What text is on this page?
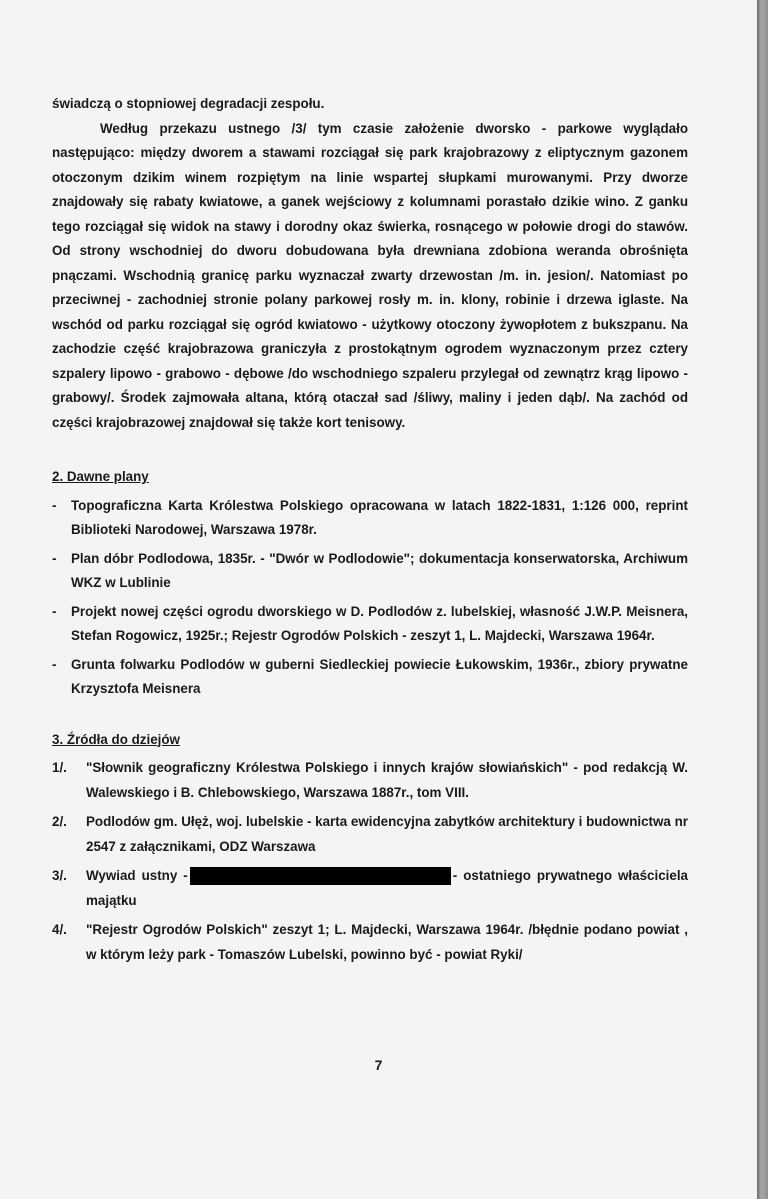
świadczą o stopniowej degradacji zespołu.

Według przekazu ustnego /3/ tym czasie założenie dworsko - parkowe wyglądało następująco: między dworem a stawami rozciągał się park krajobrazowy z eliptycznym gazonem otoczonym dzikim winem rozpiętym na linie wspartej słupkami murowanymi. Przy dworze znajdowały się rabaty kwiatowe, a ganek wejściowy z kolumnami porastało dzikie wino. Z ganku tego rozciągał się widok na stawy i dorodny okaz świerka, rosnącego w połowie drogi do stawów. Od strony wschodniej do dworu dobudowana była drewniana zdobiona weranda obrośnięta pnączami. Wschodnią granicę parku wyznaczał zwarty drzewostan /m. in. jesion/. Natomiast po przeciwnej - zachodniej stronie polany parkowej rosły m. in. klony, robinie i drzewa iglaste. Na wschód od parku rozciągał się ogród kwiatowo - użytkowy otoczony żywopłotem z bukszpanu. Na zachodzie część krajobrazowa graniczyła z prostokątnym ogrodem wyznaczonym przez cztery szpalery lipowo - grabowo - dębowe /do wschodniego szpaleru przylegał od zewnątrz krąg lipowo - grabowy/. Środek zajmowała altana, którą otaczał sad /śliwy, maliny i jeden dąb/. Na zachód od części krajobrazowej znajdował się także kort tenisowy.

2. Dawne plany

- Topograficzna Karta Królestwa Polskiego opracowana w latach 1822-1831, 1:126 000, reprint Biblioteki Narodowej, Warszawa 1978r.
- Plan dóbr Podlodowa, 1835r. - "Dwór w Podlodowie"; dokumentacja konserwatorska, Archiwum WKZ w Lublinie
- Projekt nowej części ogrodu dworskiego w D. Podlodów z. lubelskiej, własność J.W.P. Meisnera, Stefan Rogowicz, 1925r.; Rejestr Ogrodów Polskich - zeszyt 1, L. Majdecki, Warszawa 1964r.
- Grunta folwarku Podlodów w guberni Siedleckiej powiecie Łukowskim, 1936r., zbiory prywatne Krzysztofa Meisnera

3. Źródła do dziejów

1/. "Słownik geograficzny Królestwa Polskiego i innych krajów słowiańskich" - pod redakcją W. Walewskiego i B. Chlebowskiego, Warszawa 1887r., tom VIII.
2/. Podlodów gm. Ułęż, woj. lubelskie - karta ewidencyjna zabytków architektury i budownictwa nr 2547 z załącznikami, ODZ Warszawa
3/. Wywiad ustny -	- ostatniego prywatnego właściciela majątku
4/. "Rejestr Ogrodów Polskich" zeszyt 1; L. Majdecki, Warszawa 1964r. /błędnie podano powiat , w którym leży park - Tomaszów Lubelski, powinno być - powiat Ryki/
7
